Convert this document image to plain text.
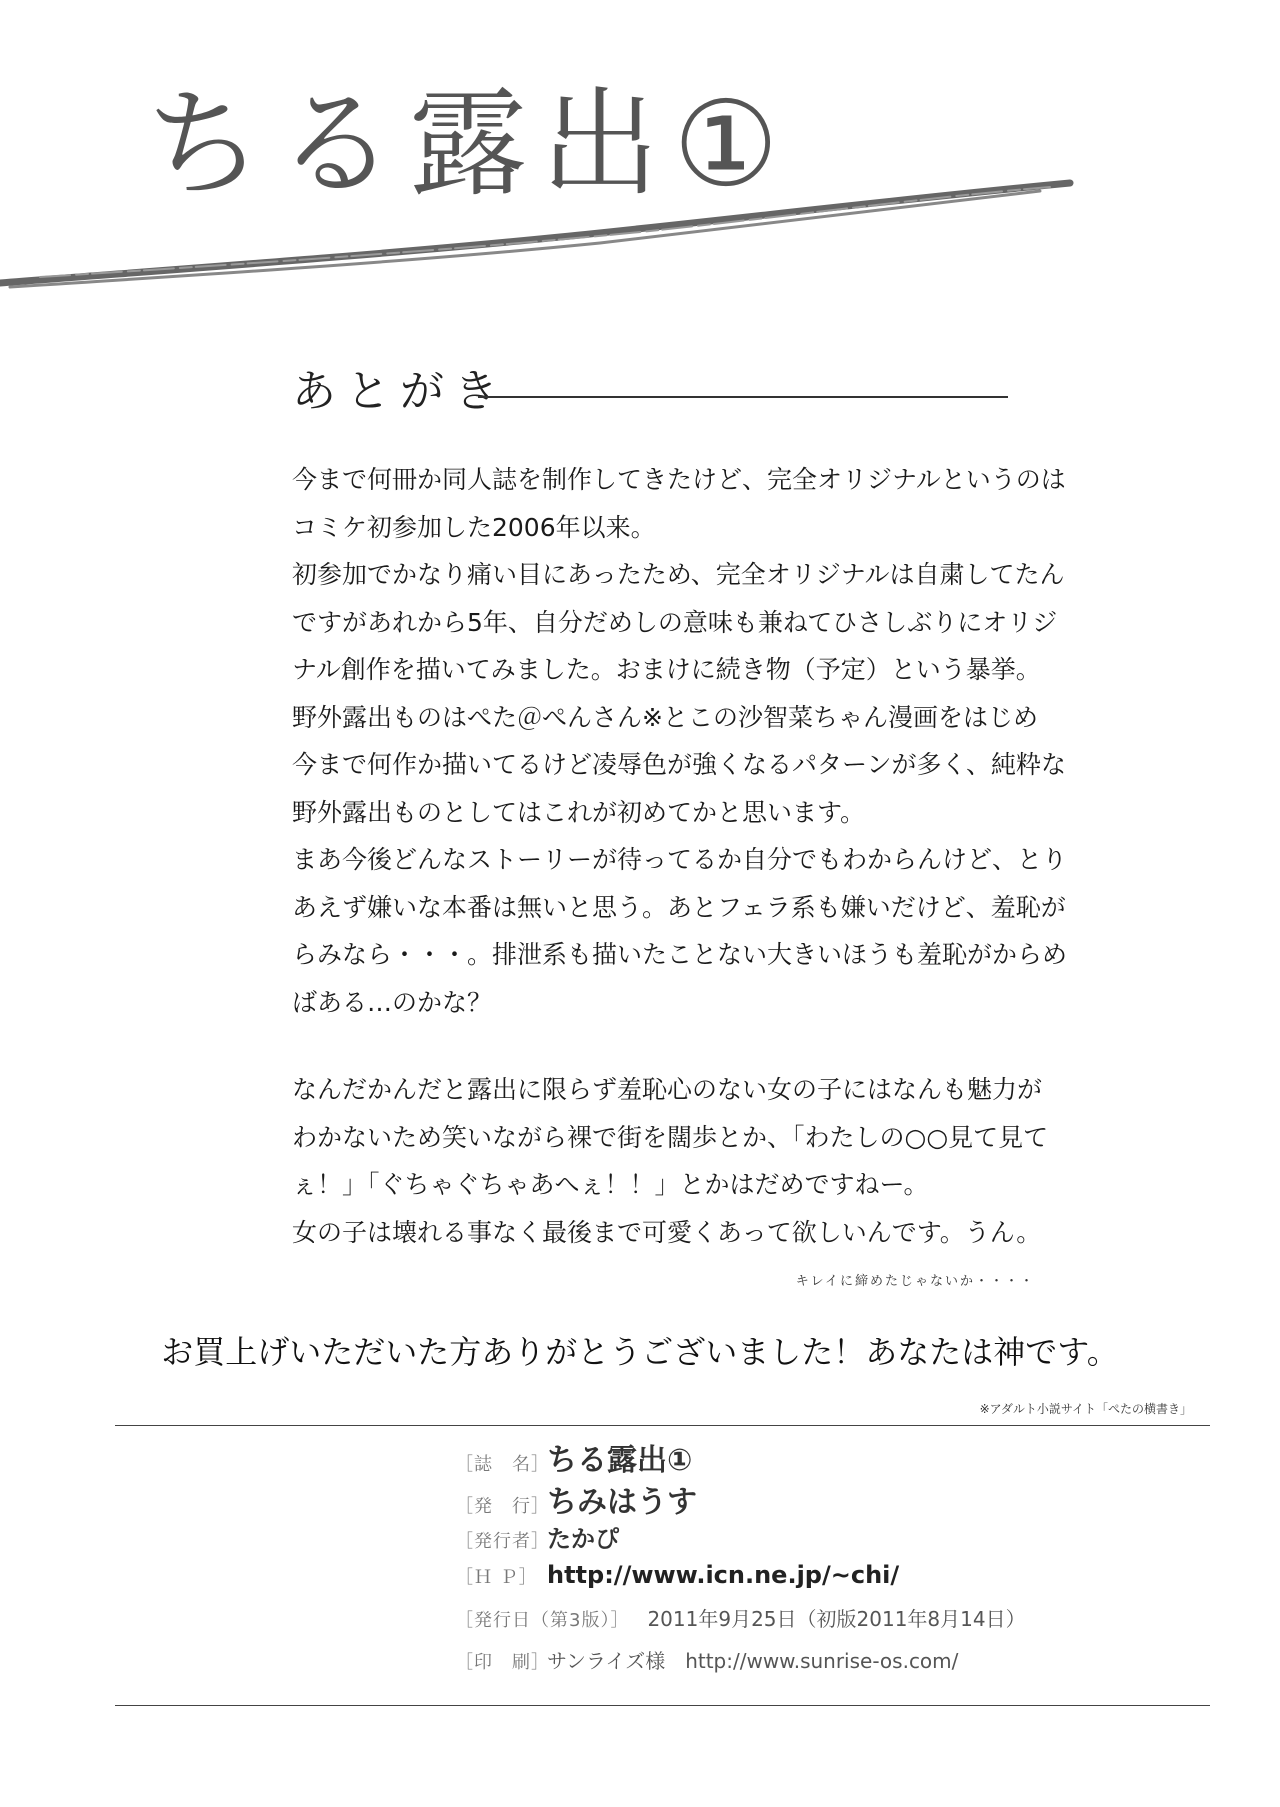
ちる露出①
あとがき

今まで何冊か同人誌を制作してきたけど、完全オリジナルというのは

コミケ初参加した2006年以来。

初参加でかなり痛い目にあったため、完全オリジナルは自粛してたん

ですがあれから5年、自分だめしの意味も兼ねてひさしぶりにオリジ

ナル創作を描いてみました。おまけに続き物（予定）という暴挙。

野外露出ものはぺた＠ぺんさん※とこの沙智菜ちゃん漫画をはじめ

今まで何作か描いてるけど凌辱色が強くなるパターンが多く、純粋な

野外露出ものとしてはこれが初めてかと思います。

まあ今後どんなストーリーが待ってるか自分でもわからんけど、とり

あえず嫌いな本番は無いと思う。あとフェラ系も嫌いだけど、羞恥が

らみなら・・・。排泄系も描いたことない大きいほうも羞恥がからめ

ばある…のかな？

なんだかんだと露出に限らず羞恥心のない女の子にはなんも魅力が

わかないため笑いながら裸で街を闊歩とか、「わたしの○○見て見て

ぇ！」「ぐちゃぐちゃあへぇ！！」とかはだめですねー。

女の子は壊れる事なく最後まで可愛くあって欲しいんです。うん。

キレイに締めたじゃないか・・・・
お買上げいただいた方ありがとうございました！あなたは神です。
※アダルト小説サイト「ぺたの横書き」
［誌　名］
ちる露出①
［発　行］
ちみはうす
［発行者］
たかぴ
［Ｈ Ｐ］ http://www.icn.ne.jp/~chi/
［発行日（第3版）］ 2011年9月25日（初版2011年8月14日）
［印　刷］
サンライズ様　http://www.sunrise-os.com/
